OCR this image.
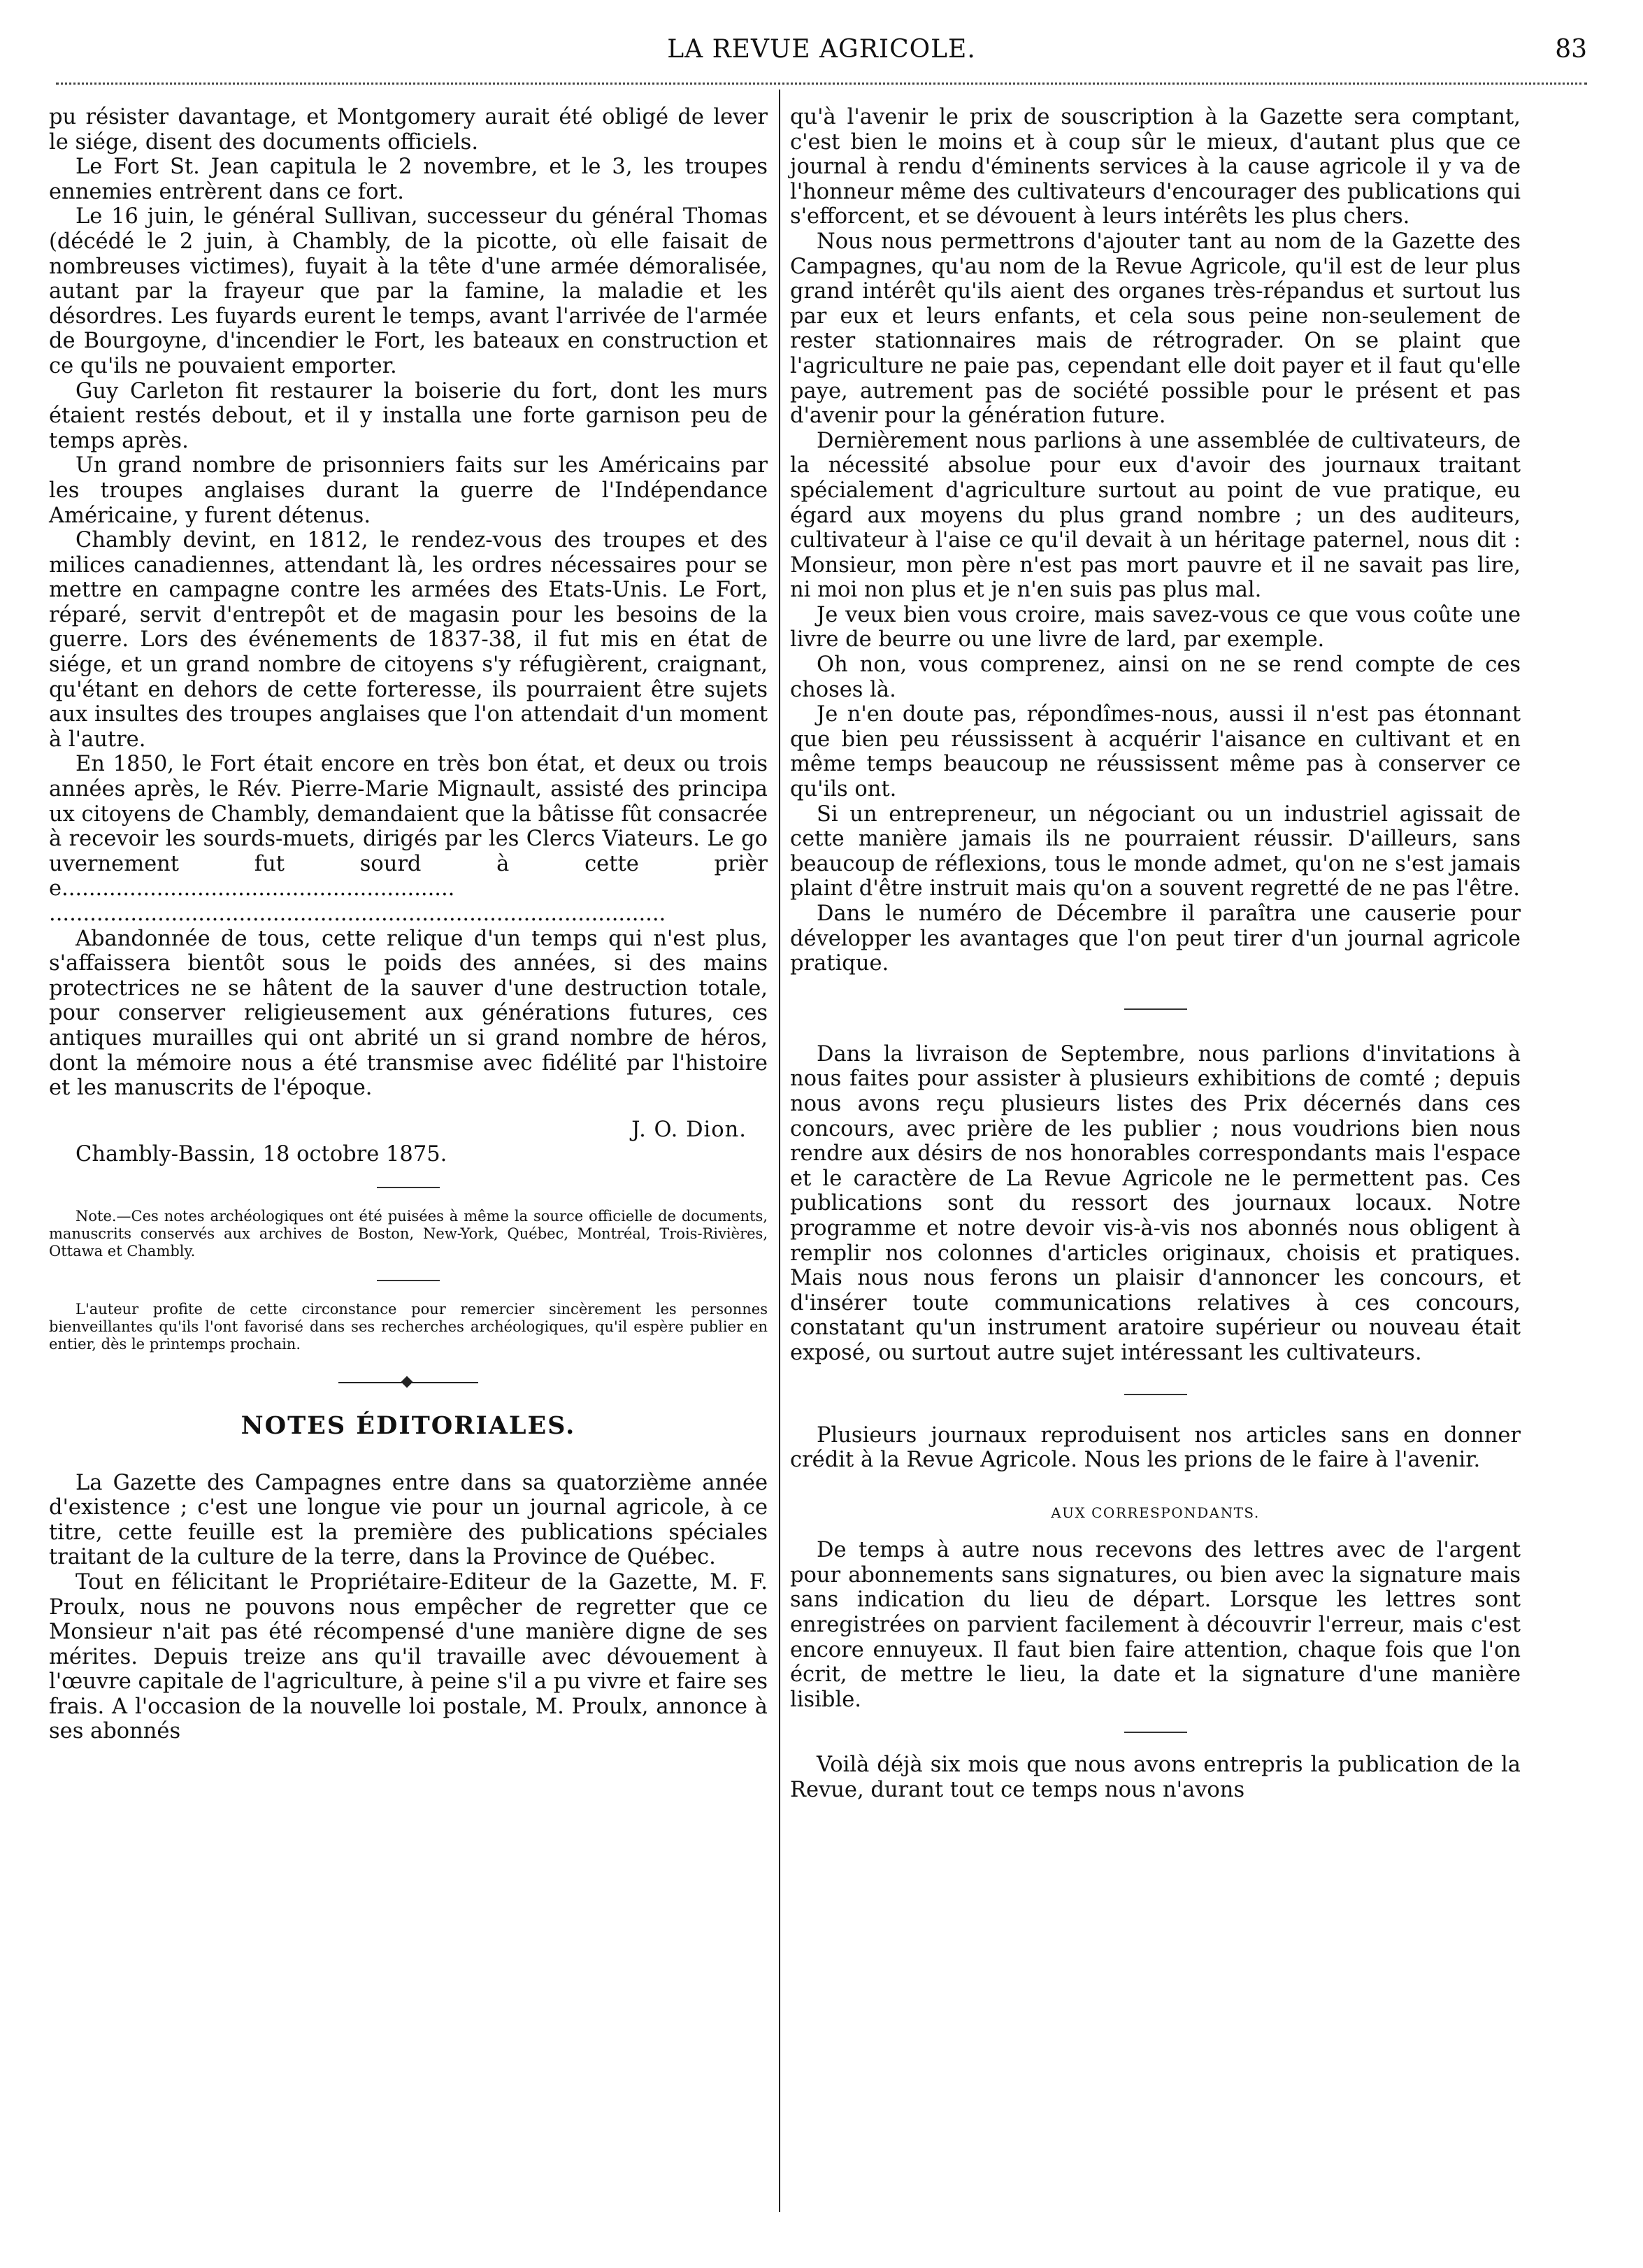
LA REVUE AGRICOLE.	83

pu résister davantage, et Montgomery aurait été obligé de lever le siége, disent des documents officiels.

Le Fort St. Jean capitula le 2 novembre, et le 3, les troupes ennemies entrèrent dans ce fort.

Le 16 juin, le général Sullivan, successeur du général Thomas (décédé le 2 juin, à Chambly, de la picotte, où elle faisait de nombreuses victimes), fuyait à la tête d'une armée démoralisée, autant par la frayeur que par la famine, la maladie et les désordres. Les fuyards eurent le temps, avant l'arrivée de l'armée de Bourgoyne, d'incendier le Fort, les bateaux en construction et ce qu'ils ne pouvaient emporter.

Guy Carleton fit restaurer la boiserie du fort, dont les murs étaient restés debout, et il y installa une forte garnison peu de temps après.

Un grand nombre de prisonniers faits sur les Américains par les troupes anglaises durant la guerre de l'Indépendance Américaine, y furent détenus.

Chambly devint, en 1812, le rendez-vous des troupes et des milices canadiennes, attendant là, les ordres nécessaires pour se mettre en campagne contre les armées des Etats-Unis. Le Fort, réparé, servit d'entrepôt et de magasin pour les besoins de la guerre. Lors des événements de 1837-38, il fut mis en état de siége, et un grand nombre de citoyens s'y réfugièrent, craignant, qu'étant en dehors de cette forteresse, ils pourraient être sujets aux insultes des troupes anglaises que l'on attendait d'un moment à l'autre.

En 1850, le Fort était encore en très bon état, et deux ou trois années après, le Rév. Pierre-Marie Mignault, assisté des principaux citoyens de Chambly, demandaient que la bâtisse fût consacrée à recevoir les sourds-muets, dirigés par les Clercs Viateurs. Le gouvernement fut sourd à cette prière..........................................................

...........................................................................................

Abandonnée de tous, cette relique d'un temps qui n'est plus, s'affaissera bientôt sous le poids des années, si des mains protectrices ne se hâtent de la sauver d'une destruction totale, pour conserver religieusement aux générations futures, ces antiques murailles qui ont abrité un si grand nombre de héros, dont la mémoire nous a été transmise avec fidélité par l'histoire et les manuscrits de l'époque.

J. O. Dion.

Chambly-Bassin, 18 octobre 1875.

Note.—Ces notes archéologiques ont été puisées à même la source officielle de documents, manuscrits conservés aux archives de Boston, New-York, Québec, Montréal, Trois-Rivières, Ottawa et Chambly.

L'auteur profite de cette circonstance pour remercier sincèrement les personnes bienveillantes qu'ils l'ont favorisé dans ses recherches archéologiques, qu'il espère publier en entier, dès le printemps prochain.

NOTES ÉDITORIALES.

La Gazette des Campagnes entre dans sa quatorzième année d'existence ; c'est une longue vie pour un journal agricole, à ce titre, cette feuille est la première des publications spéciales traitant de la culture de la terre, dans la Province de Québec.

Tout en félicitant le Propriétaire-Editeur de la Gazette, M. F. Proulx, nous ne pouvons nous empêcher de regretter que ce Monsieur n'ait pas été récompensé d'une manière digne de ses mérites. Depuis treize ans qu'il travaille avec dévouement à l'œuvre capitale de l'agriculture, à peine s'il a pu vivre et faire ses frais. A l'occasion de la nouvelle loi postale, M. Proulx, annonce à ses abonnés

qu'à l'avenir le prix de souscription à la Gazette sera comptant, c'est bien le moins et à coup sûr le mieux, d'autant plus que ce journal à rendu d'éminents services à la cause agricole il y va de l'honneur même des cultivateurs d'encourager des publications qui s'efforcent, et se dévouent à leurs intérêts les plus chers.

Nous nous permettrons d'ajouter tant au nom de la Gazette des Campagnes, qu'au nom de la Revue Agricole, qu'il est de leur plus grand intérêt qu'ils aient des organes très-répandus et surtout lus par eux et leurs enfants, et cela sous peine non-seulement de rester stationnaires mais de rétrograder. On se plaint que l'agriculture ne paie pas, cependant elle doit payer et il faut qu'elle paye, autrement pas de société possible pour le présent et pas d'avenir pour la génération future.

Dernièrement nous parlions à une assemblée de cultivateurs, de la nécessité absolue pour eux d'avoir des journaux traitant spécialement d'agriculture surtout au point de vue pratique, eu égard aux moyens du plus grand nombre ; un des auditeurs, cultivateur à l'aise ce qu'il devait à un héritage paternel, nous dit : Monsieur, mon père n'est pas mort pauvre et il ne savait pas lire, ni moi non plus et je n'en suis pas plus mal.

Je veux bien vous croire, mais savez-vous ce que vous coûte une livre de beurre ou une livre de lard, par exemple.

Oh non, vous comprenez, ainsi on ne se rend compte de ces choses là.

Je n'en doute pas, répondîmes-nous, aussi il n'est pas étonnant que bien peu réussissent à acquérir l'aisance en cultivant et en même temps beaucoup ne réussissent même pas à conserver ce qu'ils ont.

Si un entrepreneur, un négociant ou un industriel agissait de cette manière jamais ils ne pourraient réussir. D'ailleurs, sans beaucoup de réflexions, tous le monde admet, qu'on ne s'est jamais plaint d'être instruit mais qu'on a souvent regretté de ne pas l'être.

Dans le numéro de Décembre il paraîtra une causerie pour développer les avantages que l'on peut tirer d'un journal agricole pratique.

Dans la livraison de Septembre, nous parlions d'invitations à nous faites pour assister à plusieurs exhibitions de comté ; depuis nous avons reçu plusieurs listes des Prix décernés dans ces concours, avec prière de les publier ; nous voudrions bien nous rendre aux désirs de nos honorables correspondants mais l'espace et le caractère de La Revue Agricole ne le permettent pas. Ces publications sont du ressort des journaux locaux. Notre programme et notre devoir vis-à-vis nos abonnés nous obligent à remplir nos colonnes d'articles originaux, choisis et pratiques. Mais nous nous ferons un plaisir d'annoncer les concours, et d'insérer toute communications relatives à ces concours, constatant qu'un instrument aratoire supérieur ou nouveau était exposé, ou surtout autre sujet intéressant les cultivateurs.

Plusieurs journaux reproduisent nos articles sans en donner crédit à la Revue Agricole. Nous les prions de le faire à l'avenir.

AUX CORRESPONDANTS.

De temps à autre nous recevons des lettres avec de l'argent pour abonnements sans signatures, ou bien avec la signature mais sans indication du lieu de départ. Lorsque les lettres sont enregistrées on parvient facilement à découvrir l'erreur, mais c'est encore ennuyeux. Il faut bien faire attention, chaque fois que l'on écrit, de mettre le lieu, la date et la signature d'une manière lisible.

Voilà déjà six mois que nous avons entrepris la publication de la Revue, durant tout ce temps nous n'avons
